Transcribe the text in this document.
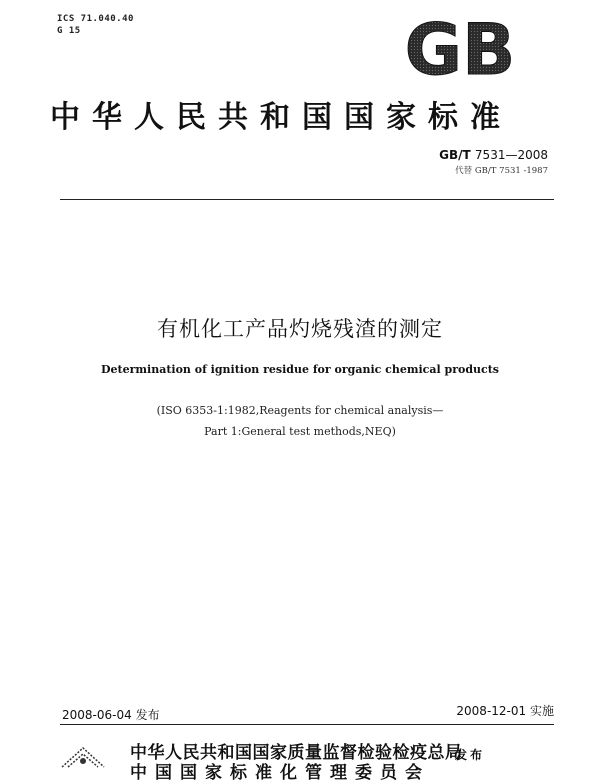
ICS 71.040.40
G 15	GB
中华人民共和国国家标准
GB/T 7531—2008
代替 GB/T 7531 -1987
有机化工产品灼烧残渣的测定
Determination of ignition residue for organic chemical products
(ISO 6353-1:1982,Reagents for chemical analysis—
Part 1:General test methods,NEQ)
2008-06-04 发布	2008-12-01 实施
中华人民共和国国家质量监督检验检疫总局
中国国家标准化管理委员会
发布
